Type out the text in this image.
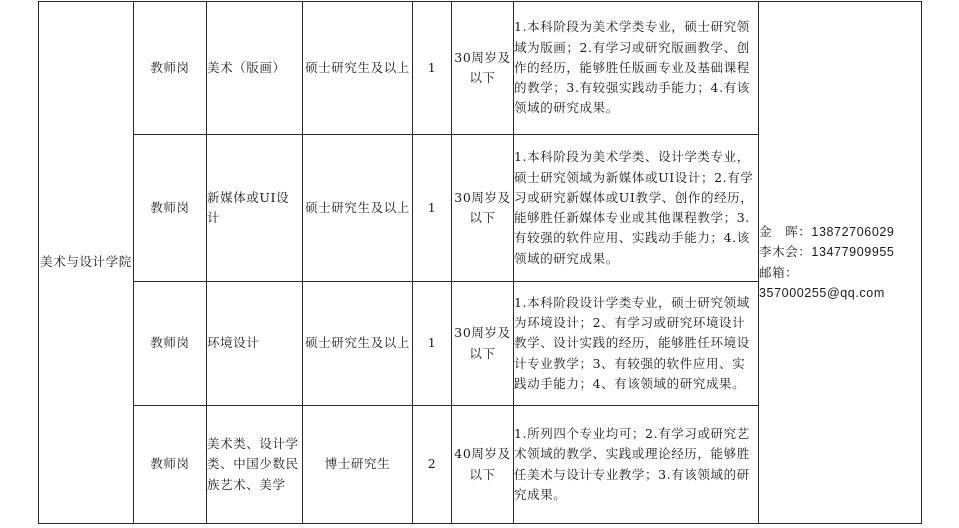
美术与设计学院	教师岗	美术（版画）	硕士研究生及以上	1	30周岁及以下	1.本科阶段为美术学类专业，硕士研究领域为版画；2.有学习或研究版画教学、创作的经历，能够胜任版画专业及基础课程的教学；3.有较强实践动手能力；4.有该领域的研究成果。	金　晖：13872706029
李木会：13477909955
邮箱：
357000255@qq.com

	教师岗	新媒体或UI设计	硕士研究生及以上	1	30周岁及以下	1.本科阶段为美术学类、设计学类专业，硕士研究领域为新媒体或UI设计；2.有学习或研究新媒体或UI教学、创作的经历，能够胜任新媒体专业或其他课程教学；3.有较强的软件应用、实践动手能力；4.该领域的研究成果。	
	教师岗	环境设计	硕士研究生及以上	1	30周岁及以下	1.本科阶段设计学类专业，硕士研究领域为环境设计；2、有学习或研究环境设计教学、设计实践的经历，能够胜任环境设计专业教学；3、有较强的软件应用、实践动手能力；4、有该领域的研究成果。	
	教师岗	美术类、设计学类、中国少数民族艺术、美学	博士研究生	2	40周岁及以下	1.所列四个专业均可；2.有学习或研究艺术领域的教学、实践或理论经历，能够胜任美术与设计专业教学；3.有该领域的研究成果。	
